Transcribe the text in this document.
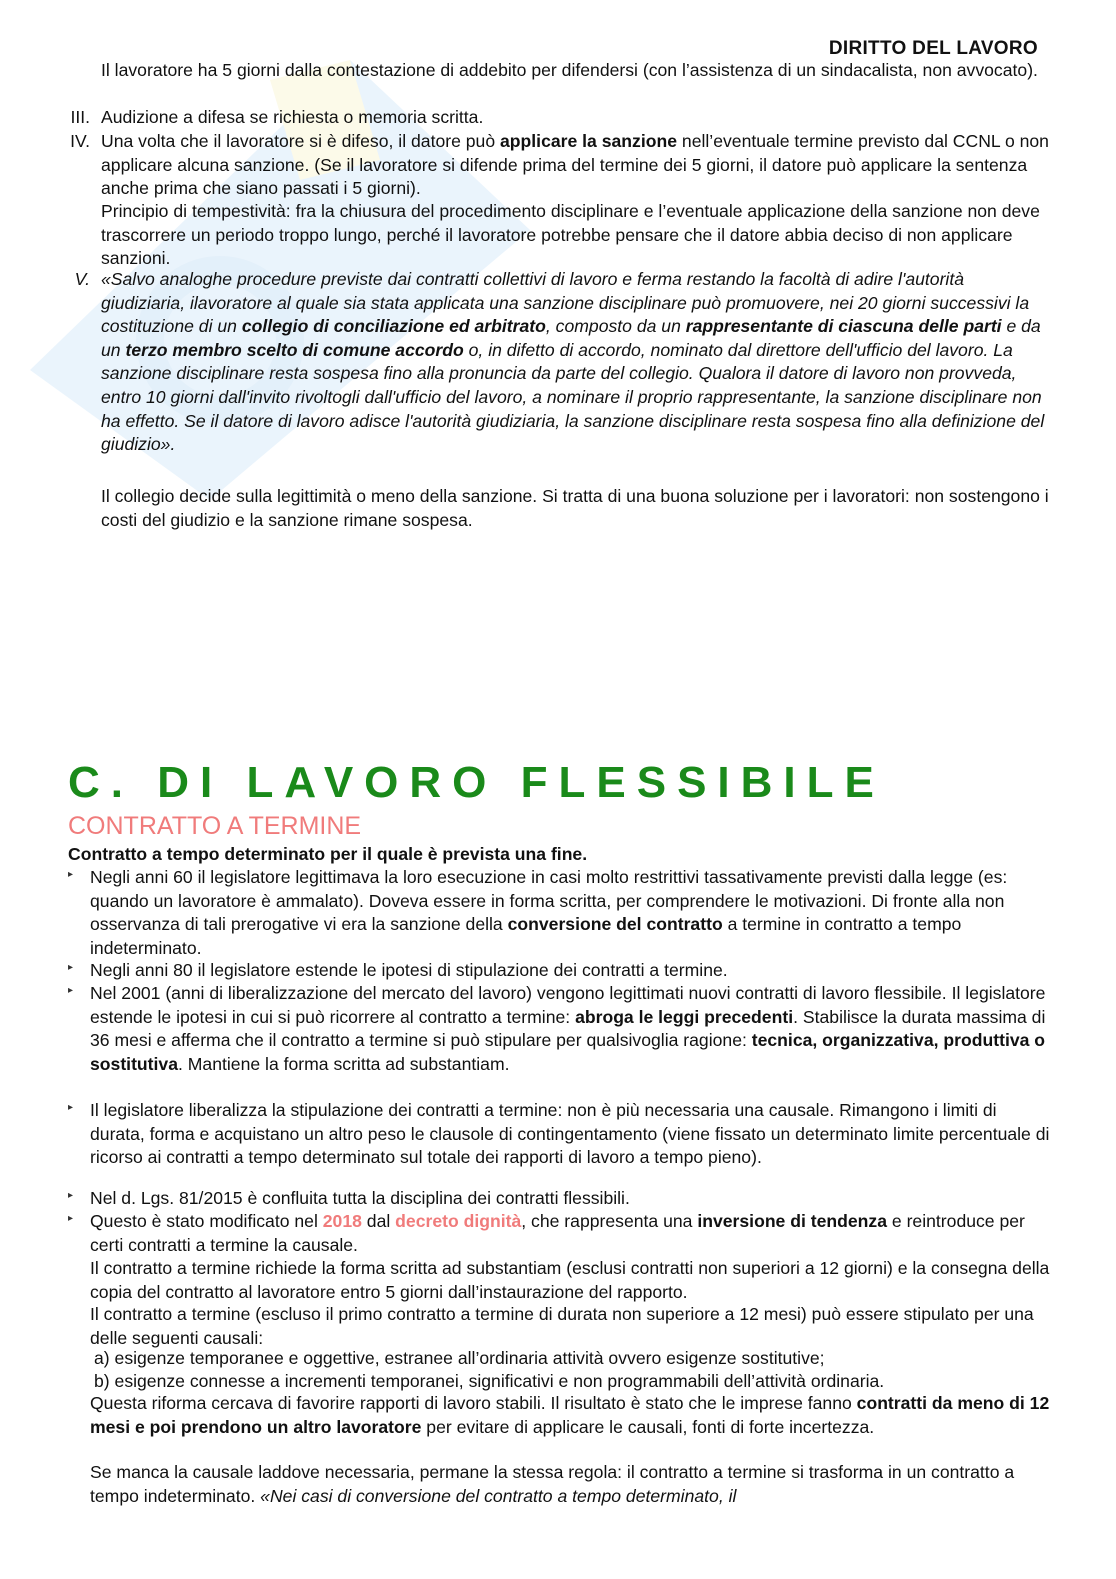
DIRITTO DEL LAVORO

Il lavoratore ha 5 giorni dalla contestazione di addebito per difendersi (con l’assistenza di un sindacalista, non avvocato).

III. Audizione a difesa se richiesta o memoria scritta.

IV. Una volta che il lavoratore si è difeso, il datore può applicare la sanzione nell’eventuale termine previsto dal CCNL o non applicare alcuna sanzione. (Se il lavoratore si difende prima del termine dei 5 giorni, il datore può applicare la sentenza anche prima che siano passati i 5 giorni).

Principio di tempestività: fra la chiusura del procedimento disciplinare e l’eventuale applicazione della sanzione non deve trascorrere un periodo troppo lungo, perché il lavoratore potrebbe pensare che il datore abbia deciso di non applicare sanzioni.

V. «Salvo analoghe procedure previste dai contratti collettivi di lavoro e ferma restando la facoltà di adire l'autorità giudiziaria, ilavoratore al quale sia stata applicata una sanzione disciplinare può promuovere, nei 20 giorni successivi la costituzione di un collegio di conciliazione ed arbitrato, composto da un rappresentante di ciascuna delle parti e da un terzo membro scelto di comune accordo o, in difetto di accordo, nominato dal direttore dell'ufficio del lavoro. La sanzione disciplinare resta sospesa fino alla pronuncia da parte del collegio. Qualora il datore di lavoro non provveda, entro 10 giorni dall'invito rivoltogli dall'ufficio del lavoro, a nominare il proprio rappresentante, la sanzione disciplinare non ha effetto. Se il datore di lavoro adisce l'autorità giudiziaria, la sanzione disciplinare resta sospesa fino alla definizione del giudizio».

Il collegio decide sulla legittimità o meno della sanzione. Si tratta di una buona soluzione per i lavoratori: non sostengono i costi del giudizio e la sanzione rimane sospesa.

C. DI LAVORO FLESSIBILE
CONTRATTO A TERMINE

Contratto a tempo determinato per il quale è prevista una fine.

▸ Negli anni 60 il legislatore legittimava la loro esecuzione in casi molto restrittivi tassativamente previsti dalla legge (es: quando un lavoratore è ammalato). Doveva essere in forma scritta, per comprendere le motivazioni. Di fronte alla non osservanza di tali prerogative vi era la sanzione della conversione del contratto a termine in contratto a tempo indeterminato.

▸ Negli anni 80 il legislatore estende le ipotesi di stipulazione dei contratti a termine.

▸ Nel 2001 (anni di liberalizzazione del mercato del lavoro) vengono legittimati nuovi contratti di lavoro flessibile. Il legislatore estende le ipotesi in cui si può ricorrere al contratto a termine: abroga le leggi precedenti. Stabilisce la durata massima di 36 mesi e afferma che il contratto a termine si può stipulare per qualsivoglia ragione: tecnica, organizzativa, produttiva o sostitutiva. Mantiene la forma scritta ad substantiam.

▸ Il legislatore liberalizza la stipulazione dei contratti a termine: non è più necessaria una causale. Rimangono i limiti di durata, forma e acquistano un altro peso le clausole di contingentamento (viene fissato un determinato limite percentuale di ricorso ai contratti a tempo determinato sul totale dei rapporti di lavoro a tempo pieno).

▸ Nel d. Lgs. 81/2015 è confluita tutta la disciplina dei contratti flessibili.

▸ Questo è stato modificato nel 2018 dal decreto dignità, che rappresenta una inversione di tendenza e reintroduce per certi contratti a termine la causale.

Il contratto a termine richiede la forma scritta ad substantiam (esclusi contratti non superiori a 12 giorni) e la consegna della copia del contratto al lavoratore entro 5 giorni dall’instaurazione del rapporto.

Il contratto a termine (escluso il primo contratto a termine di durata non superiore a 12 mesi) può essere stipulato per una delle seguenti causali:

a) esigenze temporanee e oggettive, estranee all’ordinaria attività ovvero esigenze sostitutive;

b) esigenze connesse a incrementi temporanei, significativi e non programmabili dell’attività ordinaria.

Questa riforma cercava di favorire rapporti di lavoro stabili. Il risultato è stato che le imprese fanno contratti da meno di 12 mesi e poi prendono un altro lavoratore per evitare di applicare le causali, fonti di forte incertezza.

Se manca la causale laddove necessaria, permane la stessa regola: il contratto a termine si trasforma in un contratto a tempo indeterminato. «Nei casi di conversione del contratto a tempo determinato, il
